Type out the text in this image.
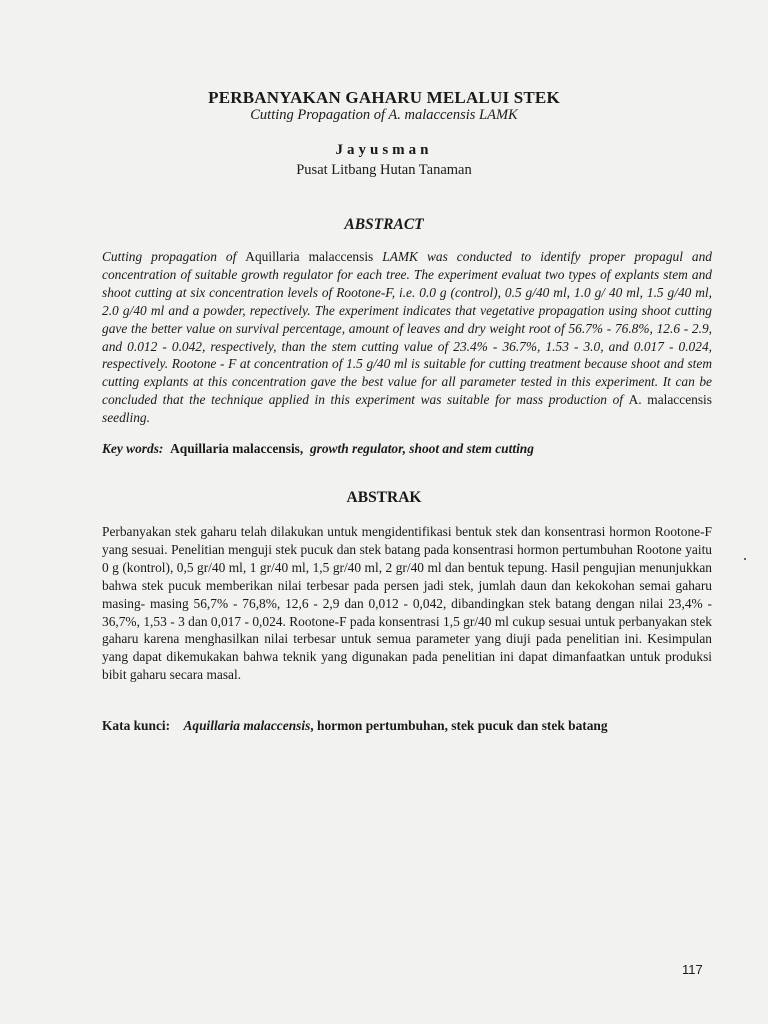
PERBANYAKAN GAHARU MELALUI STEK
Cutting Propagation of A. malaccensis LAMK
Jayusman
Pusat Litbang Hutan Tanaman
ABSTRACT
Cutting propagation of Aquillaria malaccensis LAMK was conducted to identify proper propagul and concentration of suitable growth regulator for each tree. The experiment evaluat two types of explants stem and shoot cutting at six concentration levels of Rootone-F, i.e. 0.0 g (control), 0.5 g/40 ml, 1.0 g/ 40 ml, 1.5 g/40 ml, 2.0 g/40 ml and a powder, repectively. The experiment indicates that vegetative propagation using shoot cutting gave the better value on survival percentage, amount of leaves and dry weight root of 56.7% - 76.8%, 12.6 - 2.9, and 0.012 - 0.042, respectively, than the stem cutting value of 23.4% - 36.7%, 1.53 - 3.0, and 0.017 - 0.024, respectively. Rootone - F at concentration of 1.5 g/40 ml is suitable for cutting treatment because shoot and stem cutting explants at this concentration gave the best value for all parameter tested in this experiment. It can be concluded that the technique applied in this experiment was suitable for mass production of A. malaccensis seedling.
Key words: Aquillaria malaccensis, growth regulator, shoot and stem cutting
ABSTRAK
Perbanyakan stek gaharu telah dilakukan untuk mengidentifikasi bentuk stek dan konsentrasi hormon Rootone-F yang sesuai. Penelitian menguji stek pucuk dan stek batang pada konsentrasi hormon pertumbuhan Rootone yaitu 0 g (kontrol), 0,5 gr/40 ml, 1 gr/40 ml, 1,5 gr/40 ml, 2 gr/40 ml dan bentuk tepung. Hasil pengujian menunjukkan bahwa stek pucuk memberikan nilai terbesar pada persen jadi stek, jumlah daun dan kekokohan semai gaharu masing- masing 56,7% - 76,8%, 12,6 - 2,9 dan 0,012 - 0,042, dibandingkan stek batang dengan nilai 23,4% - 36,7%, 1,53 - 3 dan 0,017 - 0,024. Rootone-F pada konsentrasi 1,5 gr/40 ml cukup sesuai untuk perbanyakan stek gaharu karena menghasilkan nilai terbesar untuk semua parameter yang diuji pada penelitian ini. Kesimpulan yang dapat dikemukakan bahwa teknik yang digunakan pada penelitian ini dapat dimanfaatkan untuk produksi bibit gaharu secara masal.
Kata kunci: Aquillaria malaccensis, hormon pertumbuhan, stek pucuk dan stek batang
117
